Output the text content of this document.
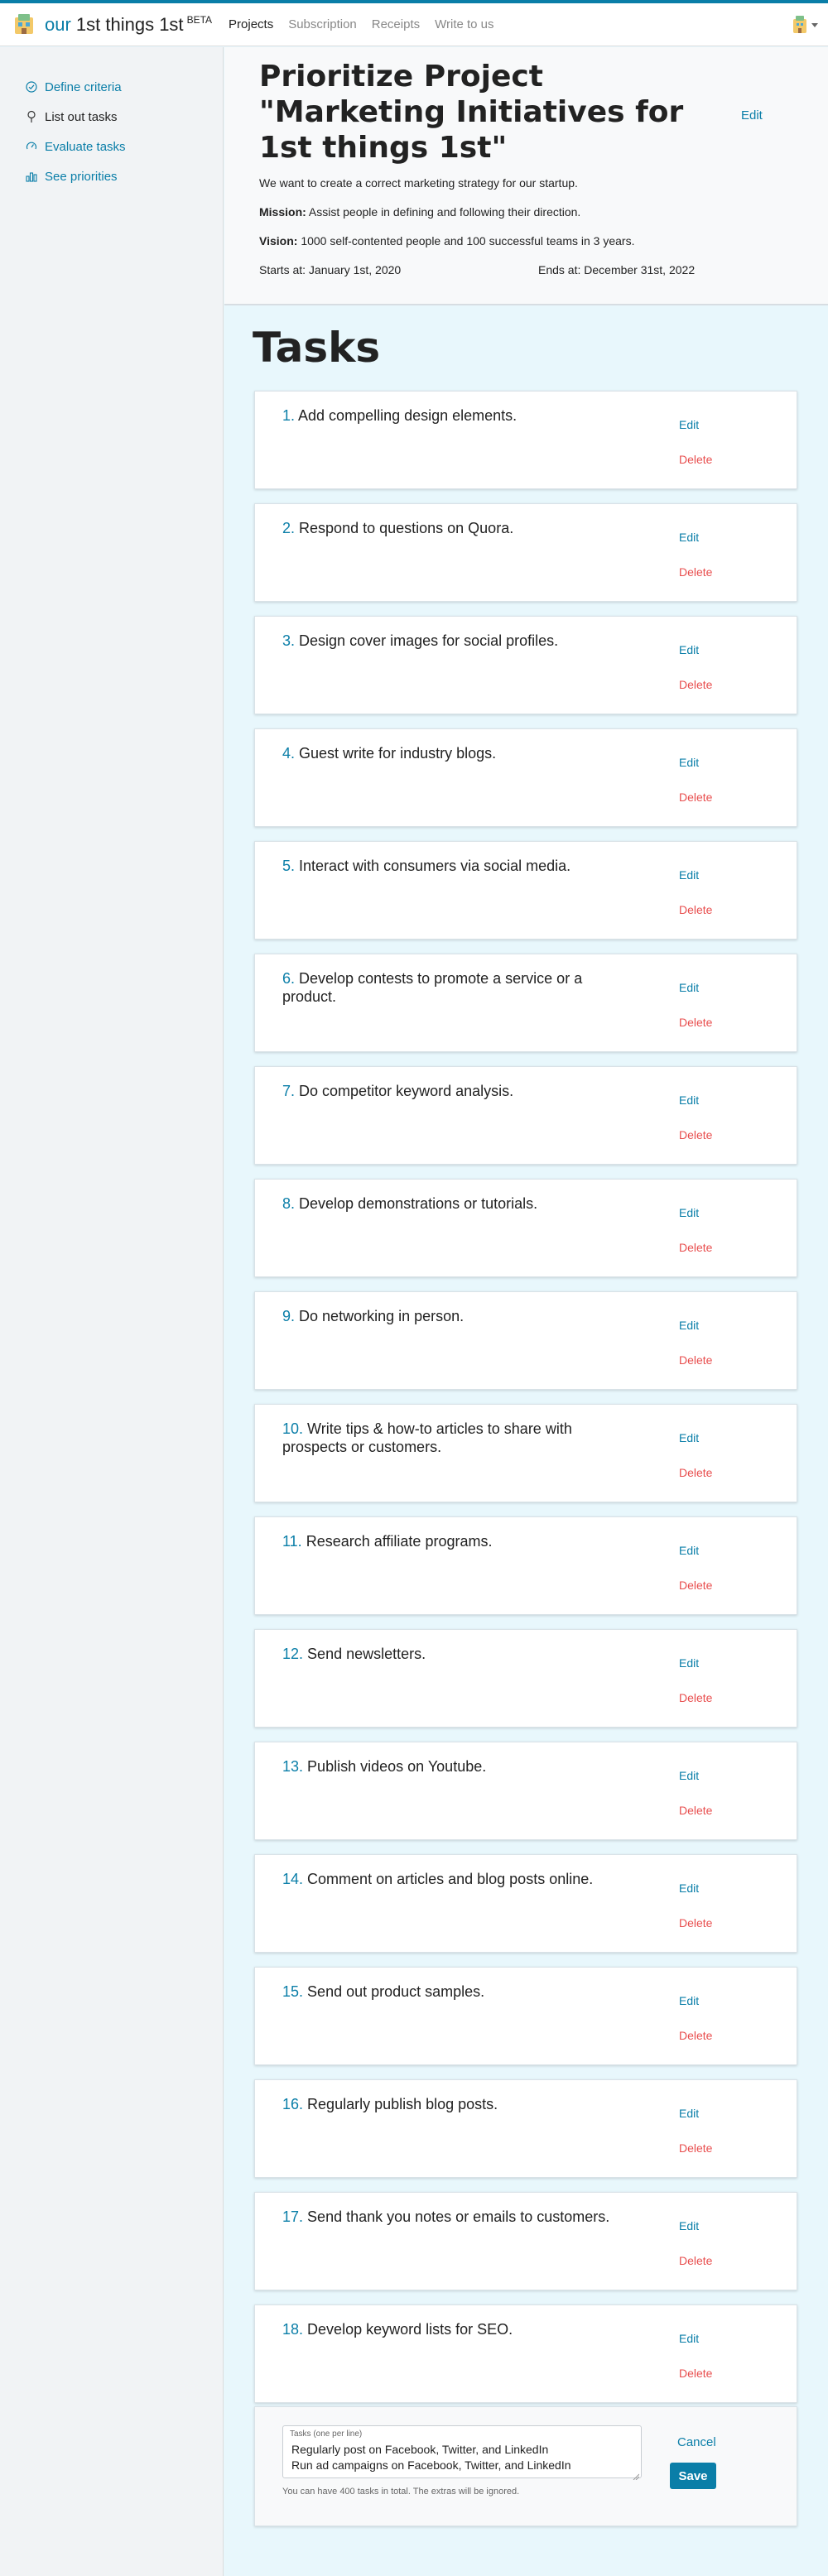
our 1st things 1st $^{BETA}$ Projects Subscription Receipts Write to us
Define criteria
List out tasks
Evaluate tasks
See priorities
Prioritize Project "Marketing Initiatives for 1st things 1st"
Edit

We want to create a correct marketing strategy for our startup.

Mission: Assist people in defining and following their direction.

Vision: 1000 self-contented people and 100 successful teams in 3 years.

Starts at: January 1st, 2020	Ends at: December 31st, 2022

Tasks

1. Add compelling design elements.

Edit
Delete

2. Respond to questions on Quora.

Edit
Delete

3. Design cover images for social profiles.

Edit
Delete

4. Guest write for industry blogs.

Edit
Delete

5. Interact with consumers via social media.

Edit
Delete

6. Develop contests to promote a service or a product.

Edit
Delete

7. Do competitor keyword analysis.

Edit
Delete

8. Develop demonstrations or tutorials.

Edit
Delete

9. Do networking in person.

Edit
Delete

10. Write tips & how-to articles to share with prospects or customers.

Edit
Delete

11. Research affiliate programs.

Edit
Delete

12. Send newsletters.

Edit
Delete

13. Publish videos on Youtube.

Edit
Delete

14. Comment on articles and blog posts online.

Edit
Delete

15. Send out product samples.

Edit
Delete

16. Regularly publish blog posts.

Edit
Delete

17. Send thank you notes or emails to customers.

Edit
Delete

18. Develop keyword lists for SEO.

Edit
Delete
Tasks (one per line)
Regularly post on Facebook, Twitter, and LinkedIn
Run ad campaigns on Facebook, Twitter, and LinkedIn

You can have 400 tasks in total. The extras will be ignored.

Cancel
Save
